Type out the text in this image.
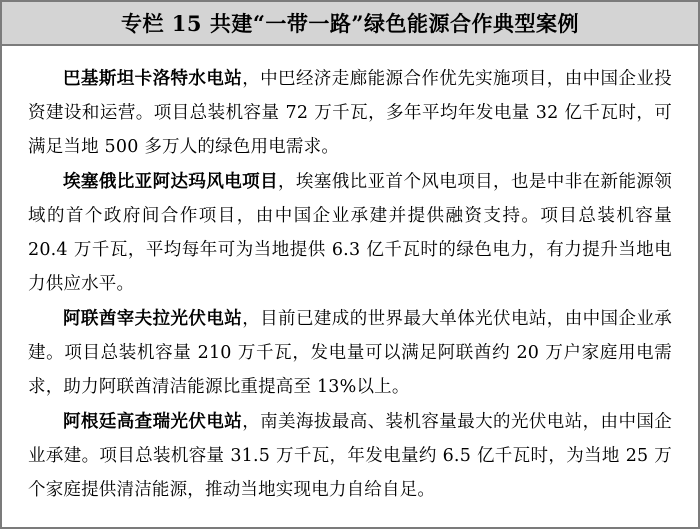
专栏 15 共建“一带一路”绿色能源合作典型案例

巴基斯坦卡洛特水电站，中巴经济走廊能源合作优先实施项目，由中国企业投资建设和运营。项目总装机容量 72 万千瓦，多年平均年发电量 32 亿千瓦时，可满足当地 500 多万人的绿色用电需求。

埃塞俄比亚阿达玛风电项目，埃塞俄比亚首个风电项目，也是中非在新能源领域的首个政府间合作项目，由中国企业承建并提供融资支持。项目总装机容量 20.4 万千瓦，平均每年可为当地提供 6.3 亿千瓦时的绿色电力，有力提升当地电力供应水平。

阿联酋宰夫拉光伏电站，目前已建成的世界最大单体光伏电站，由中国企业承建。项目总装机容量 210 万千瓦，发电量可以满足阿联酋约 20 万户家庭用电需求，助力阿联酋清洁能源比重提高至 13%以上。

阿根廷高查瑞光伏电站，南美海拔最高、装机容量最大的光伏电站，由中国企业承建。项目总装机容量 31.5 万千瓦，年发电量约 6.5 亿千瓦时，为当地 25 万个家庭提供清洁能源，推动当地实现电力自给自足。
